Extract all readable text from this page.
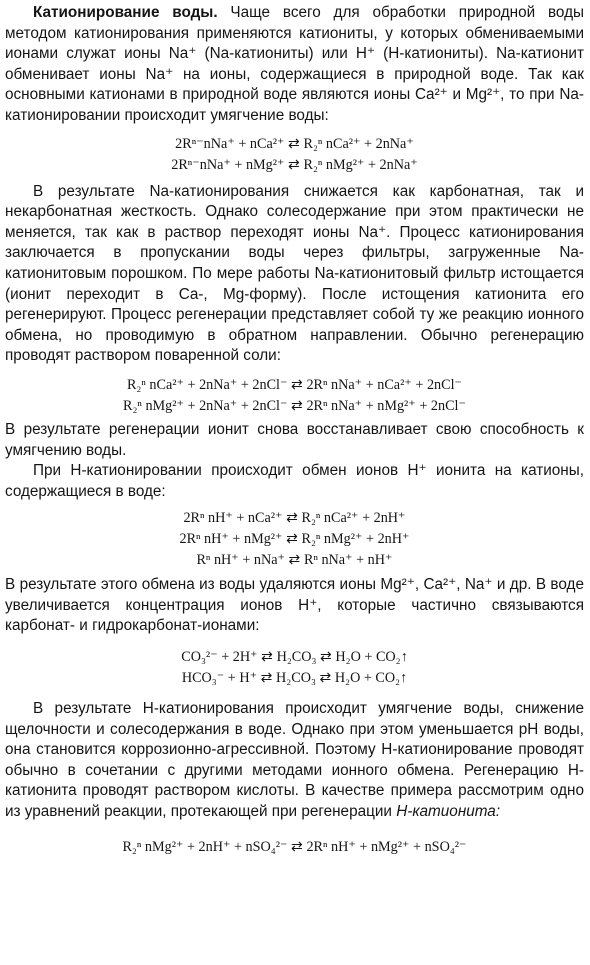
Катионирование воды. Чаще всего для обработки природной воды методом катионирования применяются катиониты, у которых обмениваемыми ионами служат ионы Na⁺ (Na-катиониты) или H⁺ (H-катиониты). Na-катионит обменивает ионы Na⁺ на ионы, содержащиеся в природной воде. Так как основными катионами в природной воде являются ионы Ca²⁺ и Mg²⁺, то при Na-катионировании происходит умягчение воды:

2Rⁿ⁻nNa⁺ + nCa²⁺ ⇄ R₂ⁿ nCa²⁺ + 2nNa⁺
2Rⁿ⁻nNa⁺ + nMg²⁺ ⇄ R₂ⁿ nMg²⁺ + 2nNa⁺

В результате Na-катионирования снижается как карбонатная, так и некарбонатная жесткость. Однако солесодержание при этом практически не меняется, так как в раствор переходят ионы Na⁺. Процесс катионирования заключается в пропускании воды через фильтры, загруженные Na-катионитовым порошком. По мере работы Na-катионитовый фильтр истощается (ионит переходит в Ca-, Mg-форму). После истощения катионита его регенерируют. Процесс регенерации представляет собой ту же реакцию ионного обмена, но проводимую в обратном направлении. Обычно регенерацию проводят раствором поваренной соли:

R₂ⁿ nCa²⁺ + 2nNa⁺ + 2nCl⁻ ⇄ 2Rⁿ nNa⁺ + nCa²⁺ + 2nCl⁻
R₂ⁿ nMg²⁺ + 2nNa⁺ + 2nCl⁻ ⇄ 2Rⁿ nNa⁺ + nMg²⁺ + 2nCl⁻

В результате регенерации ионит снова восстанавливает свою способность к умягчению воды.

При H-катионировании происходит обмен ионов H⁺ ионита на катионы, содержащиеся в воде:

2Rⁿ nH⁺ + nCa²⁺ ⇄ R₂ⁿ nCa²⁺ + 2nH⁺
2Rⁿ nH⁺ + nMg²⁺ ⇄ R₂ⁿ nMg²⁺ + 2nH⁺
Rⁿ nH⁺ + nNa⁺ ⇄ Rⁿ nNa⁺ + nH⁺

В результате этого обмена из воды удаляются ионы Mg²⁺, Ca²⁺, Na⁺ и др. В воде увеличивается концентрация ионов H⁺, которые частично связываются карбонат- и гидрокарбонат-ионами:

CO₃²⁻ + 2H⁺ ⇄ H₂CO₃ ⇄ H₂O + CO₂↑
HCO₃⁻ + H⁺ ⇄ H₂CO₃ ⇄ H₂O + CO₂↑

В результате H-катионирования происходит умягчение воды, снижение щелочности и солесодержания в воде. Однако при этом уменьшается pH воды, она становится коррозионно-агрессивной. Поэтому H-катионирование проводят обычно в сочетании с другими методами ионного обмена. Регенерацию H-катионита проводят раствором кислоты. В качестве примера рассмотрим одно из уравнений реакции, протекающей при регенерации H-катионита:

R₂ⁿ nMg²⁺ + 2nH⁺ + nSO₄²⁻ ⇄ 2Rⁿ nH⁺ + nMg²⁺ + nSO₄²⁻
